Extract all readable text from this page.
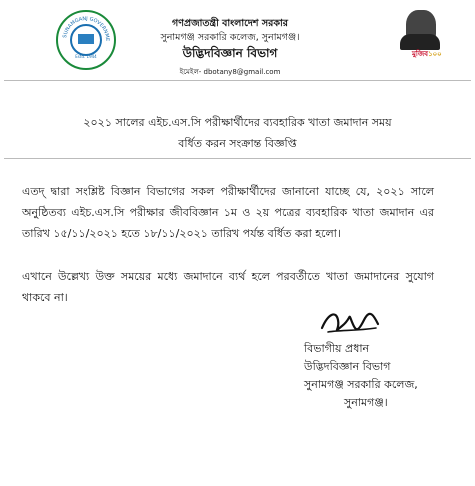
SUNAMGANJ GOVERNME
Estd. 1944
গণপ্রজাতন্ত্রী বাংলাদেশ সরকার
সুনামগঞ্জ সরকারি কলেজ, সুনামগঞ্জ।
উদ্ভিদবিজ্ঞান বিভাগ
ইমেইল- dbotany8@gmail.com
মুজিব১০০
২০২১ সালের এইচ.এস.সি পরীক্ষার্থীদের ব্যবহারিক খাতা জমাদান সময়
বর্ধিত করন সংক্রান্ত বিজ্ঞপ্তি
এতদ্ দ্বারা সংশ্লিষ্ট বিজ্ঞান বিভাগের সকল পরীক্ষার্থীদের জানানো যাচ্ছে যে, ২০২১ সালে অনুষ্ঠিতব্য এইচ.এস.সি পরীক্ষার জীববিজ্ঞান ১ম ও ২য় পত্রের ব্যবহারিক খাতা জমাদান এর তারিখ ১৫/১১/২০২১ হতে ১৮/১১/২০২১ তারিখ পর্যন্ত বর্ধিত করা হলো।
এখানে উল্লেখ্য উক্ত সময়ের মধ্যে জমাদানে ব্যর্থ হলে পরবর্তীতে খাতা জমাদানের সুযোগ থাকবে না।
বিভাগীয় প্রধান
উদ্ভিদবিজ্ঞান বিভাগ
সুনামগঞ্জ সরকারি কলেজ,
সুনামগঞ্জ।
